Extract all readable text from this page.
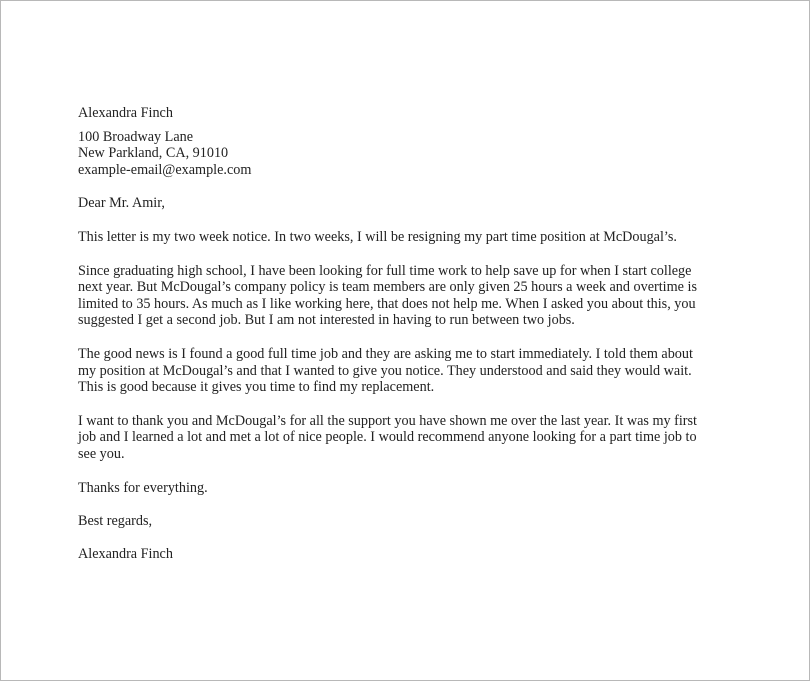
Alexandra Finch
100 Broadway Lane
New Parkland, CA, 91010
example-email@example.com
Dear Mr. Amir,
This letter is my two week notice. In two weeks, I will be resigning my part time position at McDougal’s.
Since graduating high school, I have been looking for full time work to help save up for when I start college
next year. But McDougal’s company policy is team members are only given 25 hours a week and overtime is
limited to 35 hours. As much as I like working here, that does not help me. When I asked you about this, you
suggested I get a second job. But I am not interested in having to run between two jobs.
The good news is I found a good full time job and they are asking me to start immediately. I told them about
my position at McDougal’s and that I wanted to give you notice. They understood and said they would wait.
This is good because it gives you time to find my replacement.
I want to thank you and McDougal’s for all the support you have shown me over the last year. It was my first
job and I learned a lot and met a lot of nice people. I would recommend anyone looking for a part time job to
see you.
Thanks for everything.
Best regards,
Alexandra Finch
